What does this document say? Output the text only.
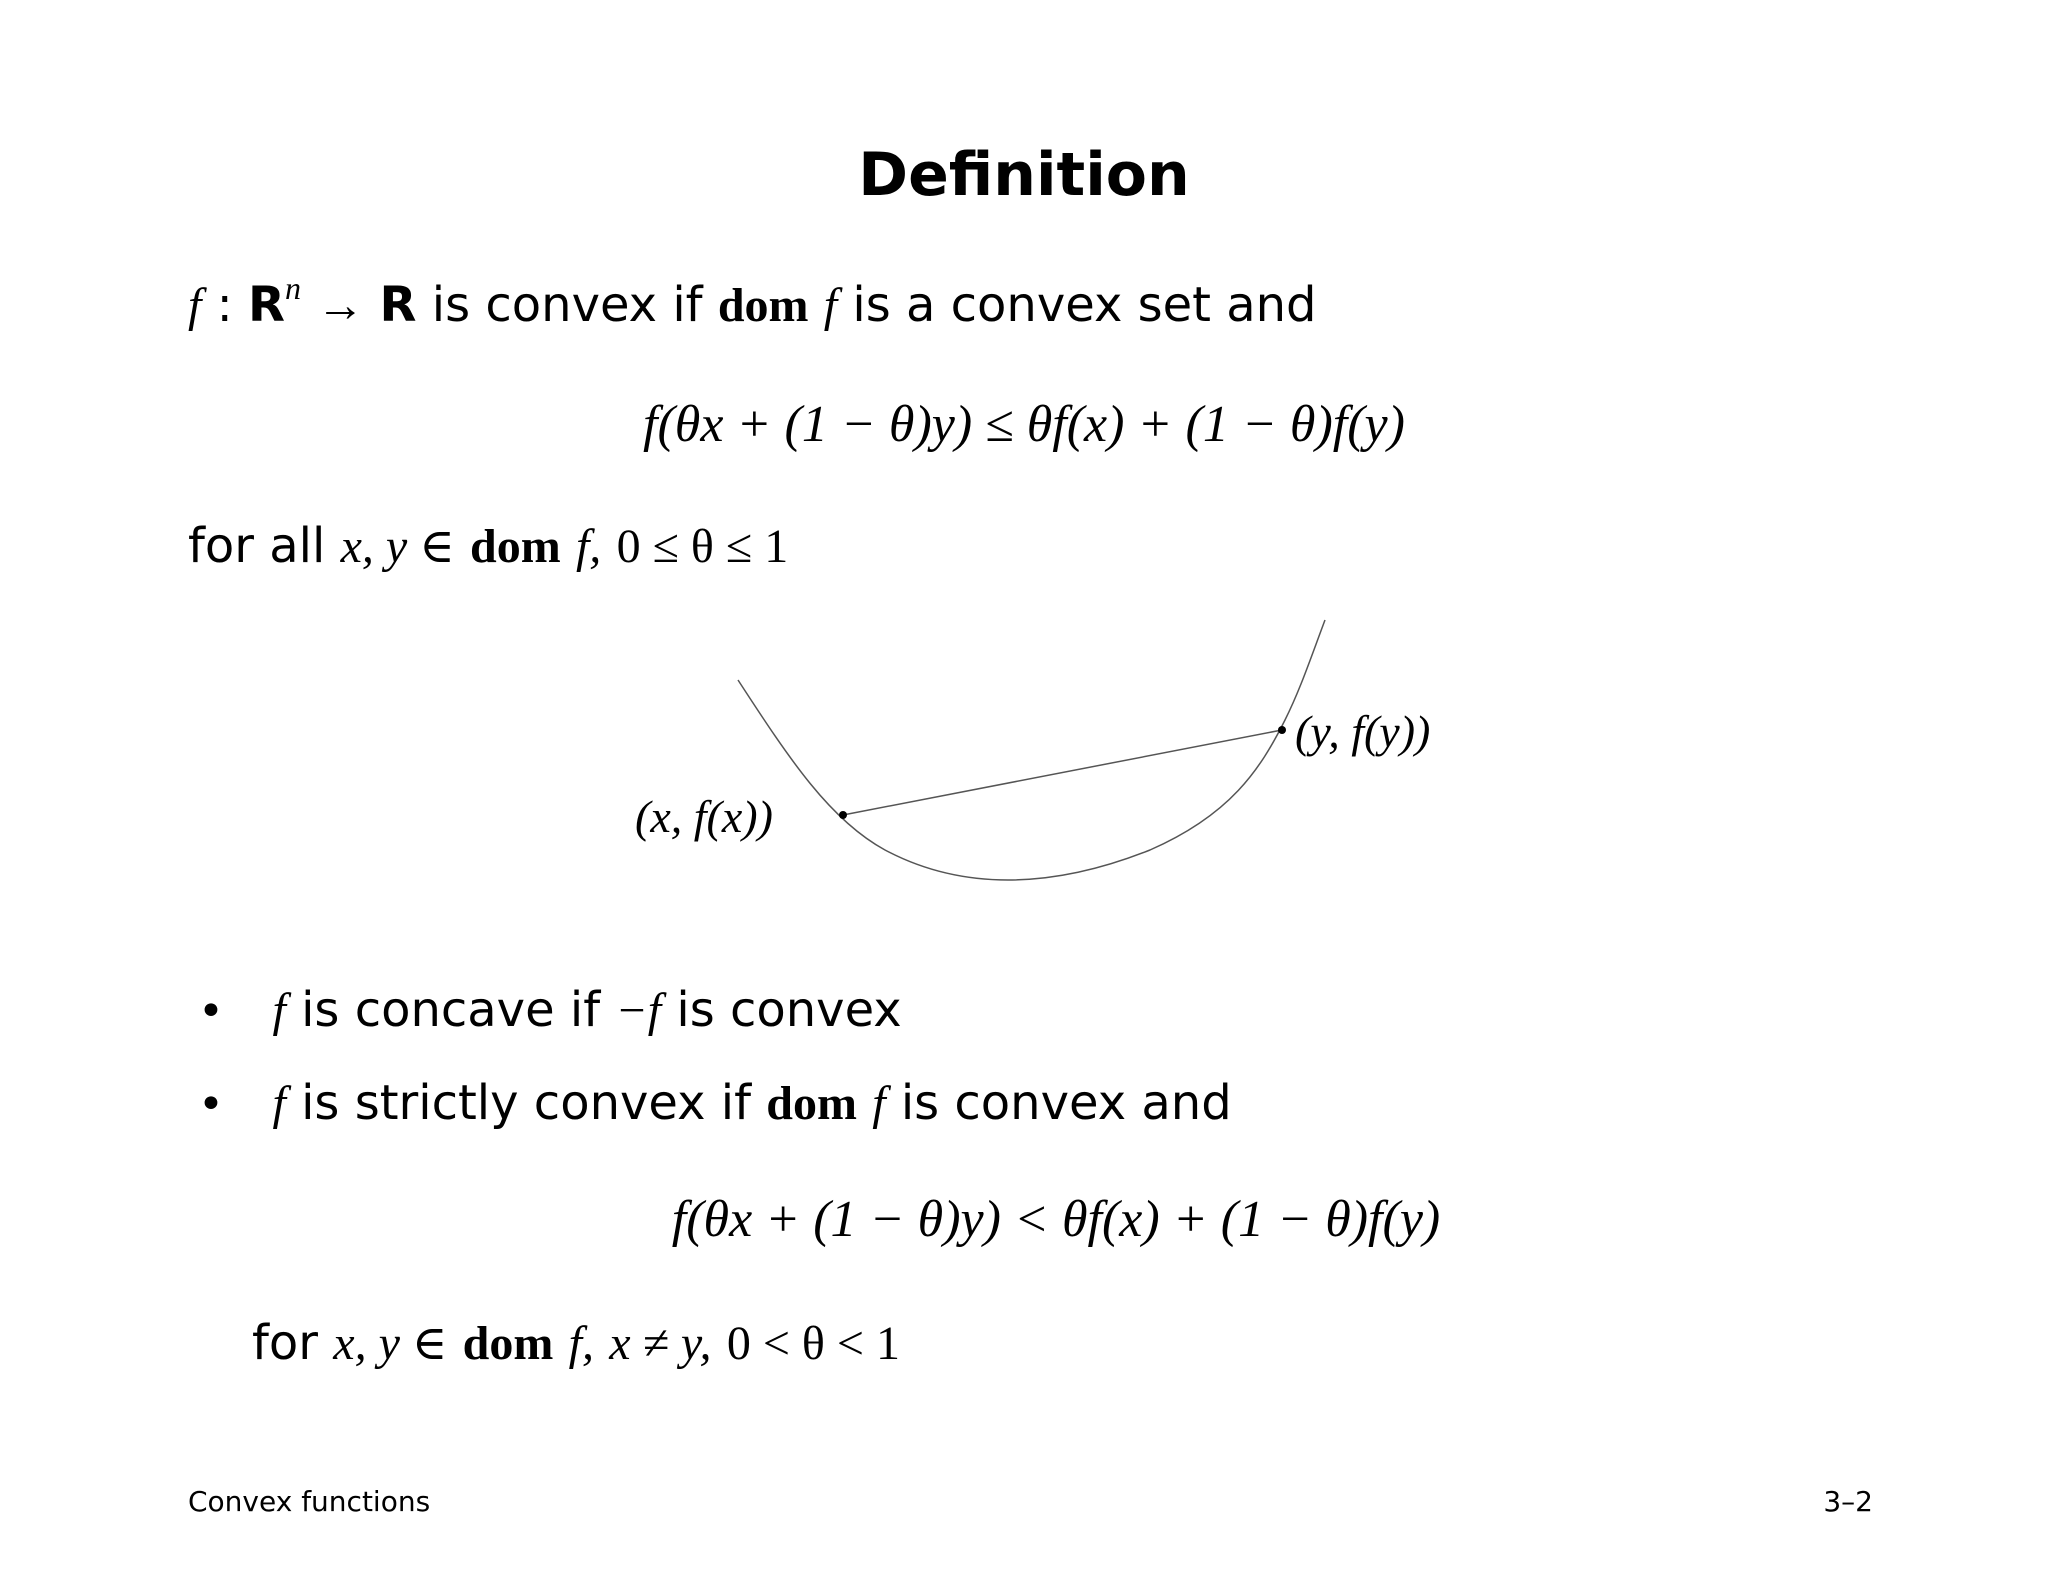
Definition
f : $R^n \to R$ is convex if dom f is a convex set and
f(θx + (1 − θ)y) ≤ θf(x) + (1 − θ)f(y)
for all x, y ∈ dom f, 0 ≤ θ ≤ 1
(x, f(x))
(y, f(y))
• f is concave if −f is convex
• f is strictly convex if dom f is convex and
f(θx + (1 − θ)y) < θf(x) + (1 − θ)f(y)
for x, y ∈ dom f, x ≠ y, 0 < θ < 1
Convex functions	3–2
